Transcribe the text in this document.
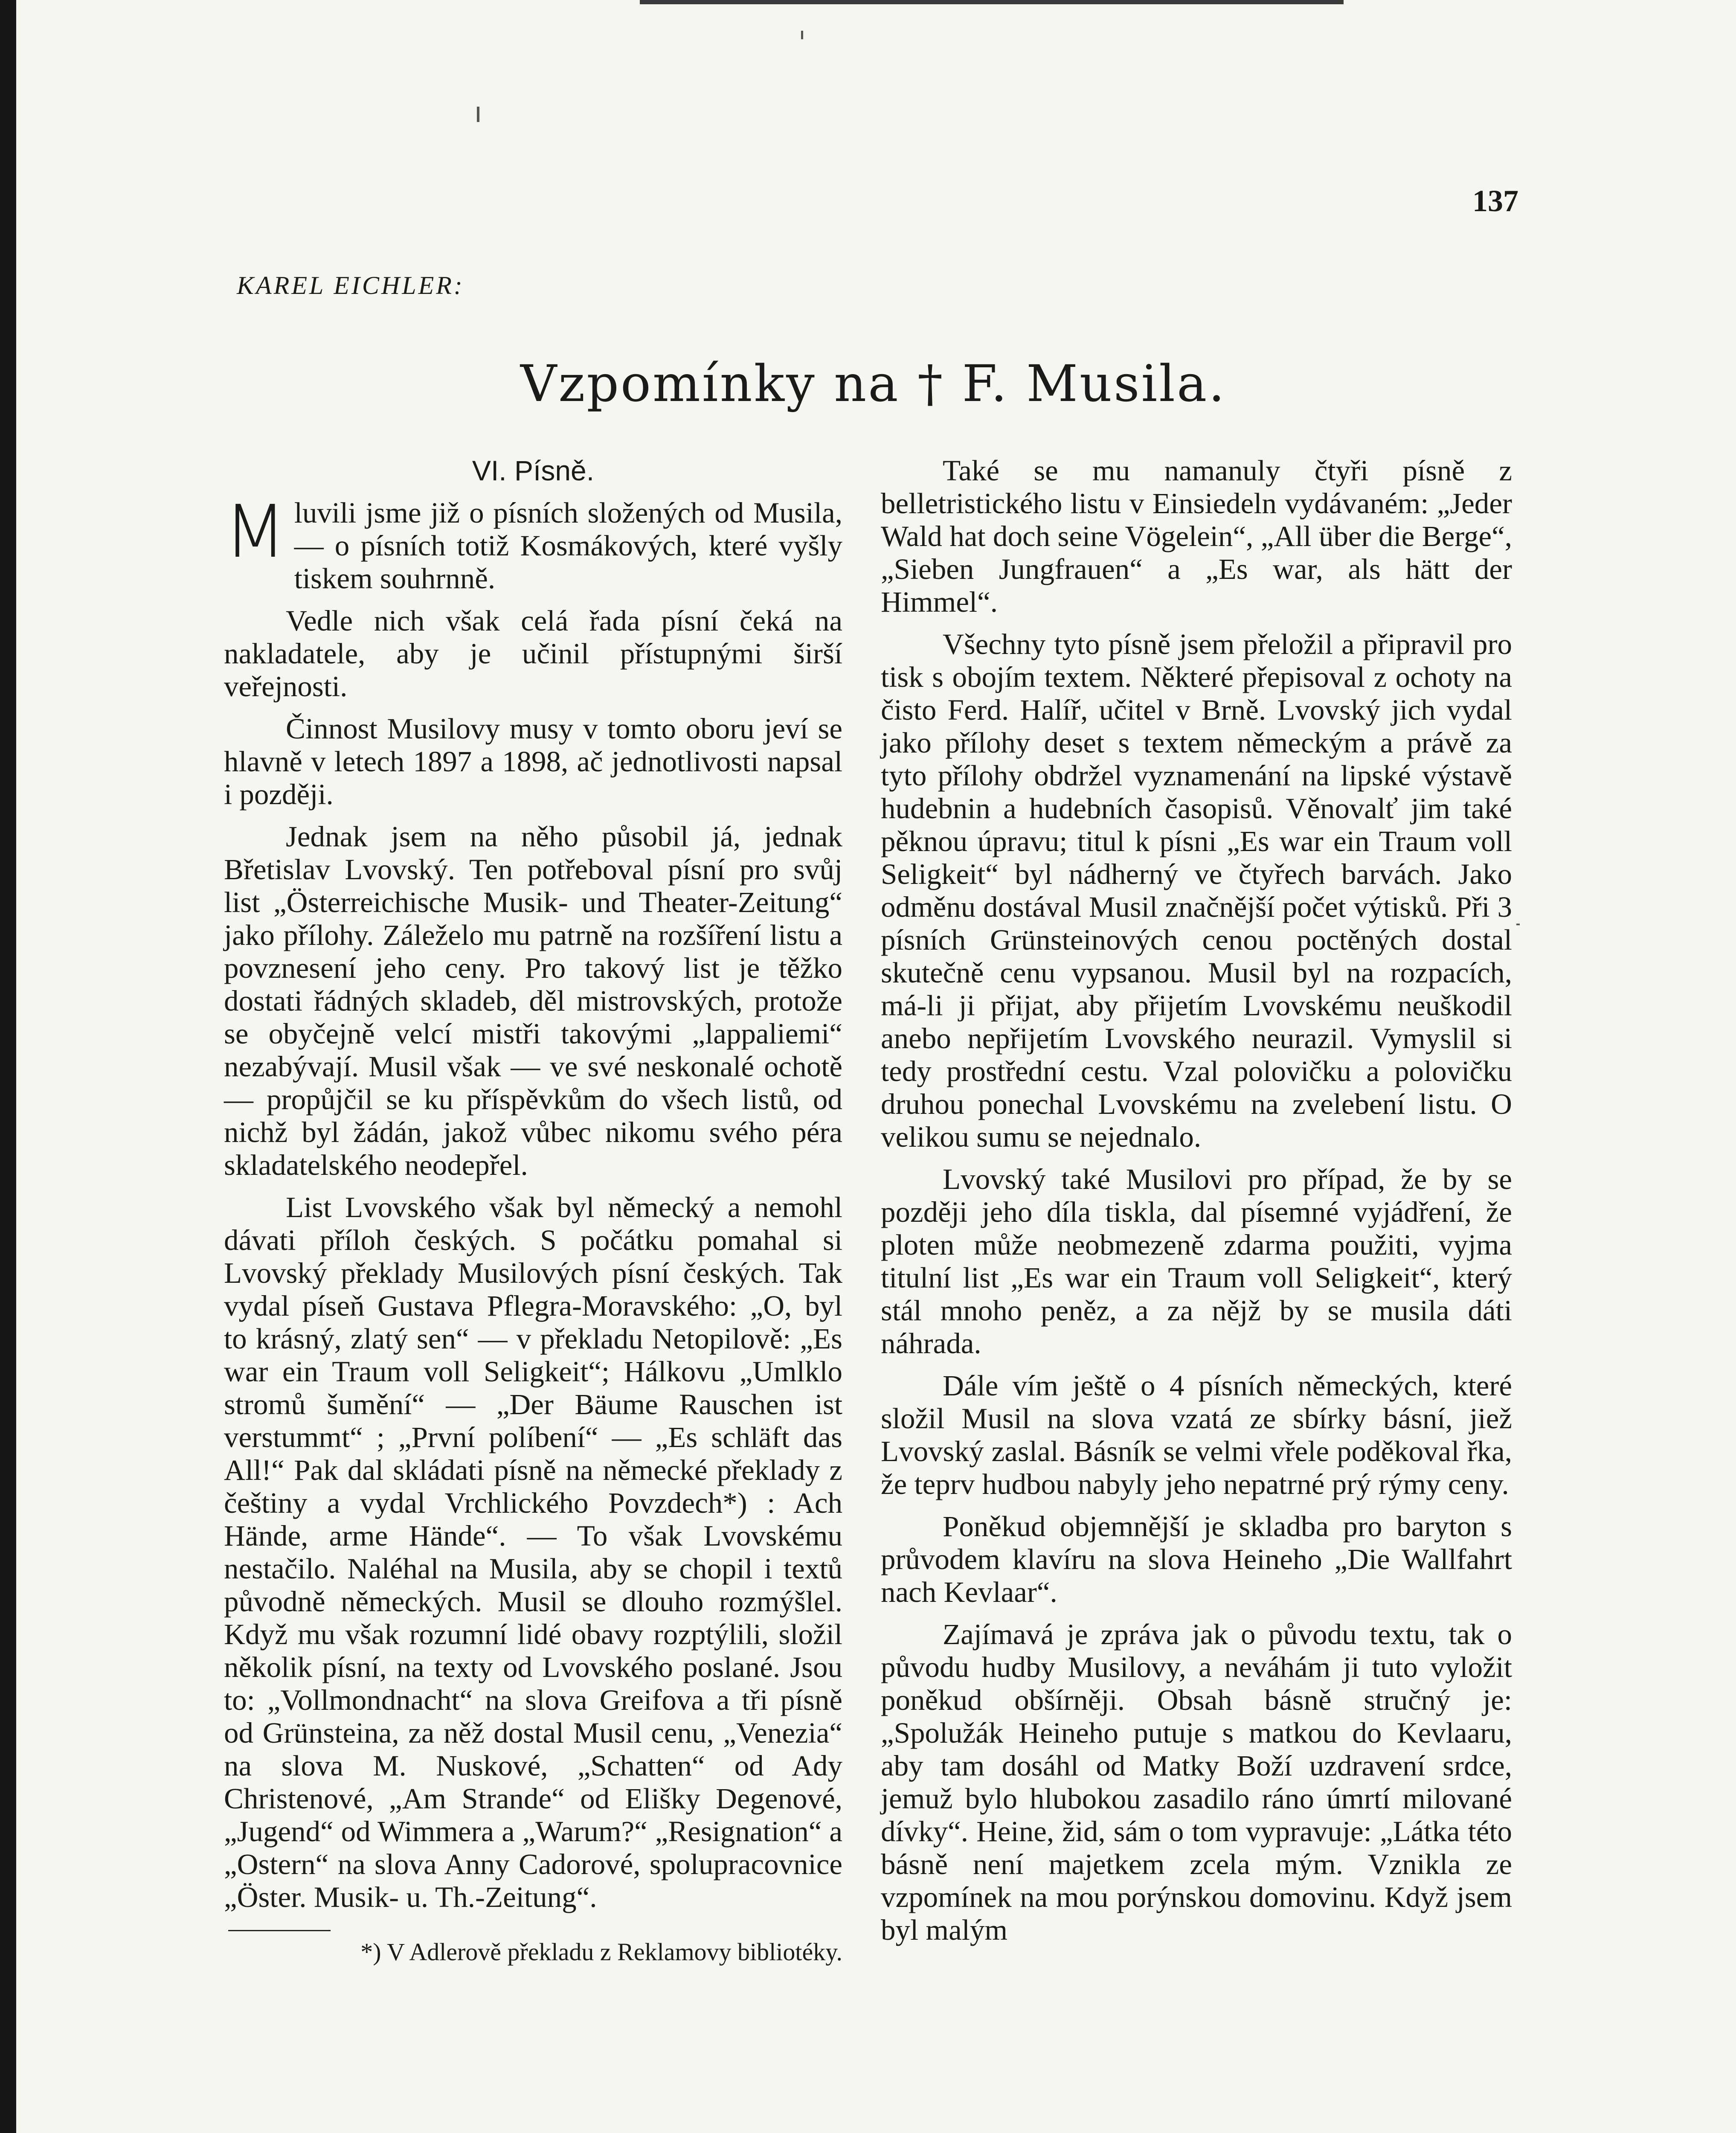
137
KAREL EICHLER:
Vzpomínky na † F. Musila.
VI. Písně.

Mluvili jsme již o písních složených od Musila, — o písních totiž Kosmákových, které vyšly tiskem souhrnně.

Vedle nich však celá řada písní čeká na nakladatele, aby je učinil přístupnými širší veřejnosti.

Činnost Musilovy musy v tomto oboru jeví se hlavně v letech 1897 a 1898, ač jednotlivosti napsal i později.

Jednak jsem na něho působil já, jednak Břetislav Lvovský. Ten potřeboval písní pro svůj list „Österreichische Musik- und Theater-Zeitung“ jako přílohy. Záleželo mu patrně na rozšíření listu a povznesení jeho ceny. Pro takový list je těžko dostati řádných skladeb, děl mistrovských, protože se obyčejně velcí mistři takovými „lappaliemi“ nezabývají. Musil však — ve své neskonalé ochotě — propůjčil se ku příspěvkům do všech listů, od nichž byl žádán, jakož vůbec nikomu svého péra skladatelského neodepřel.

List Lvovského však byl německý a nemohl dávati příloh českých. S počátku pomahal si Lvovský překlady Musilových písní českých. Tak vydal píseň Gustava Pflegra-Moravského: „O, byl to krásný, zlatý sen“ — v překladu Netopilově: „Es war ein Traum voll Seligkeit“; Hálkovu „Umlklo stromů šumění“ — „Der Bäume Rauschen ist verstummt“ ; „První políbení“ — „Es schläft das All!“ Pak dal skládati písně na německé překlady z češtiny a vydal Vrchlického Povzdech*) : Ach Hände, arme Hände“. — To však Lvovskému nestačilo. Naléhal na Musila, aby se chopil i textů původně německých. Musil se dlouho rozmýšlel. Když mu však rozumní lidé obavy rozptýlili, složil několik písní, na texty od Lvovského poslané. Jsou to: „Vollmondnacht“ na slova Greifova a tři písně od Grünsteina, za něž dostal Musil cenu, „Venezia“ na slova M. Nuskové, „Schatten“ od Ady Christenové, „Am Strande“ od Elišky Degenové, „Jugend“ od Wimmera a „Warum?“ „Resignation“ a „Ostern“ na slova Anny Cadorové, spolupracovnice „Öster. Musik- u. Th.-Zeitung“.

*) V Adlerově překladu z Reklamovy bibliotéky.

Také se mu namanuly čtyři písně z belletristického listu v Einsiedeln vydávaném: „Jeder Wald hat doch seine Vögelein“, „All über die Berge“, „Sieben Jungfrauen“ a „Es war, als hätt der Himmel“.

Všechny tyto písně jsem přeložil a připravil pro tisk s obojím textem. Některé přepisoval z ochoty na čisto Ferd. Halíř, učitel v Brně. Lvovský jich vydal jako přílohy deset s textem německým a právě za tyto přílohy obdržel vyznamenání na lipské výstavě hudebnin a hudebních časopisů. Věnovalť jim také pěknou úpravu; titul k písni „Es war ein Traum voll Seligkeit“ byl nádherný ve čtyřech barvách. Jako odměnu dostával Musil značnější počet výtisků. Při 3 písních Grünsteinových cenou poctěných dostal skutečně cenu vypsanou. Musil byl na rozpacích, má-li ji přijat, aby přijetím Lvovskému neuškodil anebo nepřijetím Lvovského neurazil. Vymyslil si tedy prostřední cestu. Vzal polovičku a polovičku druhou ponechal Lvovskému na zvelebení listu. O velikou sumu se nejednalo.

Lvovský také Musilovi pro případ, že by se později jeho díla tiskla, dal písemné vyjádření, že ploten může neobmezeně zdarma použiti, vyjma titulní list „Es war ein Traum voll Seligkeit“, který stál mnoho peněz, a za nějž by se musila dáti náhrada.

Dále vím ještě o 4 písních německých, které složil Musil na slova vzatá ze sbírky básní, jiež Lvovský zaslal. Básník se velmi vřele poděkoval řka, že teprv hudbou nabyly jeho nepatrné prý rýmy ceny.

Poněkud objemnější je skladba pro baryton s průvodem klavíru na slova Heineho „Die Wallfahrt nach Kevlaar“.

Zajímavá je zpráva jak o původu textu, tak o původu hudby Musilovy, a neváhám ji tuto vyložit poněkud obšírněji. Obsah básně stručný je: „Spolužák Heineho putuje s matkou do Kevlaaru, aby tam dosáhl od Matky Boží uzdravení srdce, jemuž bylo hlubokou zasadilo ráno úmrtí milované dívky“. Heine, žid, sám o tom vypravuje: „Látka této básně není majetkem zcela mým. Vznikla ze vzpomínek na mou porýnskou domovinu. Když jsem byl malým
